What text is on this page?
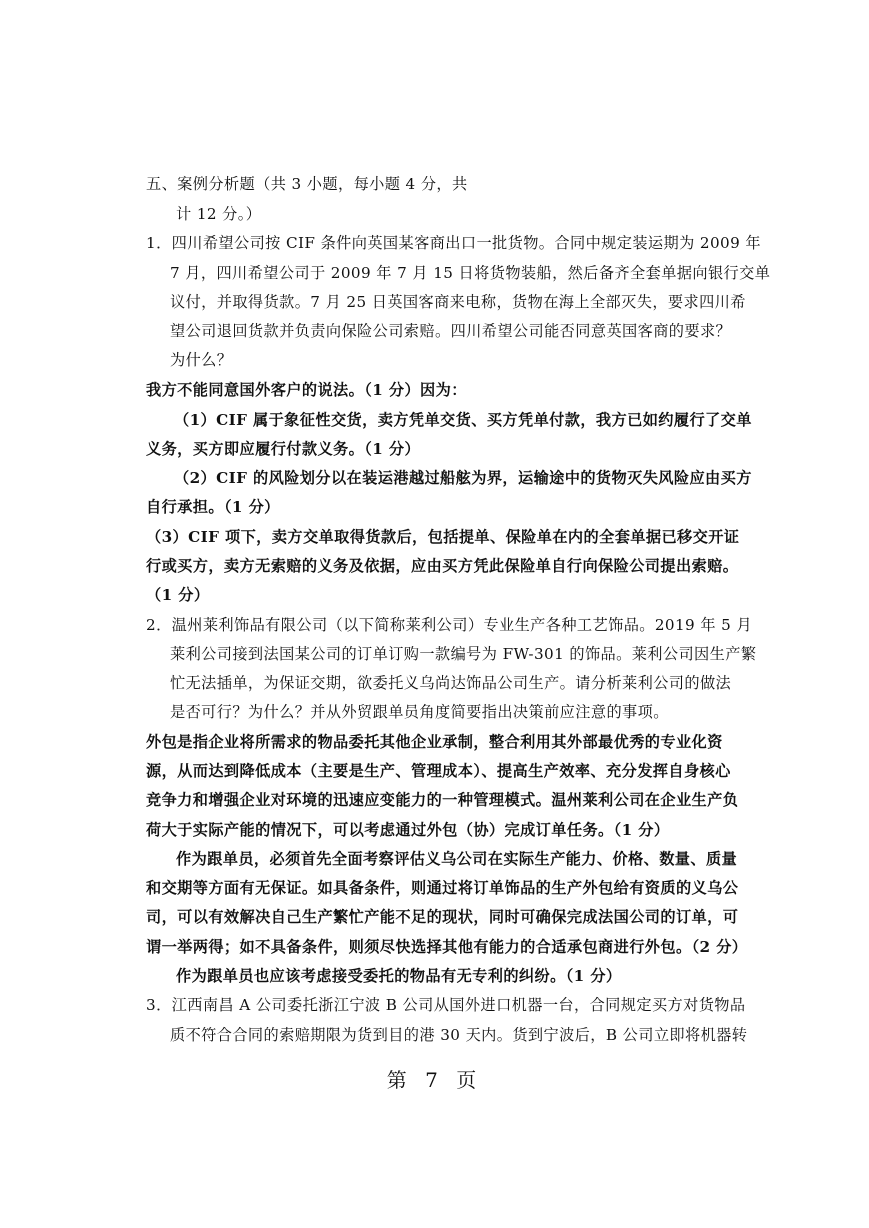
五、案例分析题（共 3 小题，每小题 4 分，共
计 12 分。）
1．四川希望公司按 CIF 条件向英国某客商出口一批货物。合同中规定装运期为 2009 年
7 月，四川希望公司于 2009 年 7 月 15 日将货物装船，然后备齐全套单据向银行交单
议付，并取得货款。7 月 25 日英国客商来电称，货物在海上全部灭失，要求四川希
望公司退回货款并负责向保险公司索赔。四川希望公司能否同意英国客商的要求？
为什么？
我方不能同意国外客户的说法。（1 分）因为：
（1）CIF 属于象征性交货，卖方凭单交货、买方凭单付款，我方已如约履行了交单
义务，买方即应履行付款义务。（1 分）
（2）CIF 的风险划分以在装运港越过船舷为界，运输途中的货物灭失风险应由买方
自行承担。（1 分）
（3）CIF 项下，卖方交单取得货款后，包括提单、保险单在内的全套单据已移交开证
行或买方，卖方无索赔的义务及依据，应由买方凭此保险单自行向保险公司提出索赔。
（1 分）
2．温州莱利饰品有限公司（以下简称莱利公司）专业生产各种工艺饰品。2019 年 5 月
莱利公司接到法国某公司的订单订购一款编号为 FW-301 的饰品。莱利公司因生产繁
忙无法插单，为保证交期，欲委托义乌尚达饰品公司生产。请分析莱利公司的做法
是否可行？为什么？并从外贸跟单员角度简要指出决策前应注意的事项。
外包是指企业将所需求的物品委托其他企业承制，整合利用其外部最优秀的专业化资
源，从而达到降低成本（主要是生产、管理成本）、提高生产效率、充分发挥自身核心
竞争力和增强企业对环境的迅速应变能力的一种管理模式。温州莱利公司在企业生产负
荷大于实际产能的情况下，可以考虑通过外包（协）完成订单任务。（1 分）
作为跟单员，必须首先全面考察评估义乌公司在实际生产能力、价格、数量、质量
和交期等方面有无保证。如具备条件，则通过将订单饰品的生产外包给有资质的义乌公
司，可以有效解决自己生产繁忙产能不足的现状，同时可确保完成法国公司的订单，可
谓一举两得；如不具备条件，则须尽快选择其他有能力的合适承包商进行外包。（2 分）
作为跟单员也应该考虑接受委托的物品有无专利的纠纷。（1 分）
3．江西南昌 A 公司委托浙江宁波 B 公司从国外进口机器一台，合同规定买方对货物品
质不符合合同的索赔期限为货到目的港 30 天内。货到宁波后，B 公司立即将机器转
第 7 页
